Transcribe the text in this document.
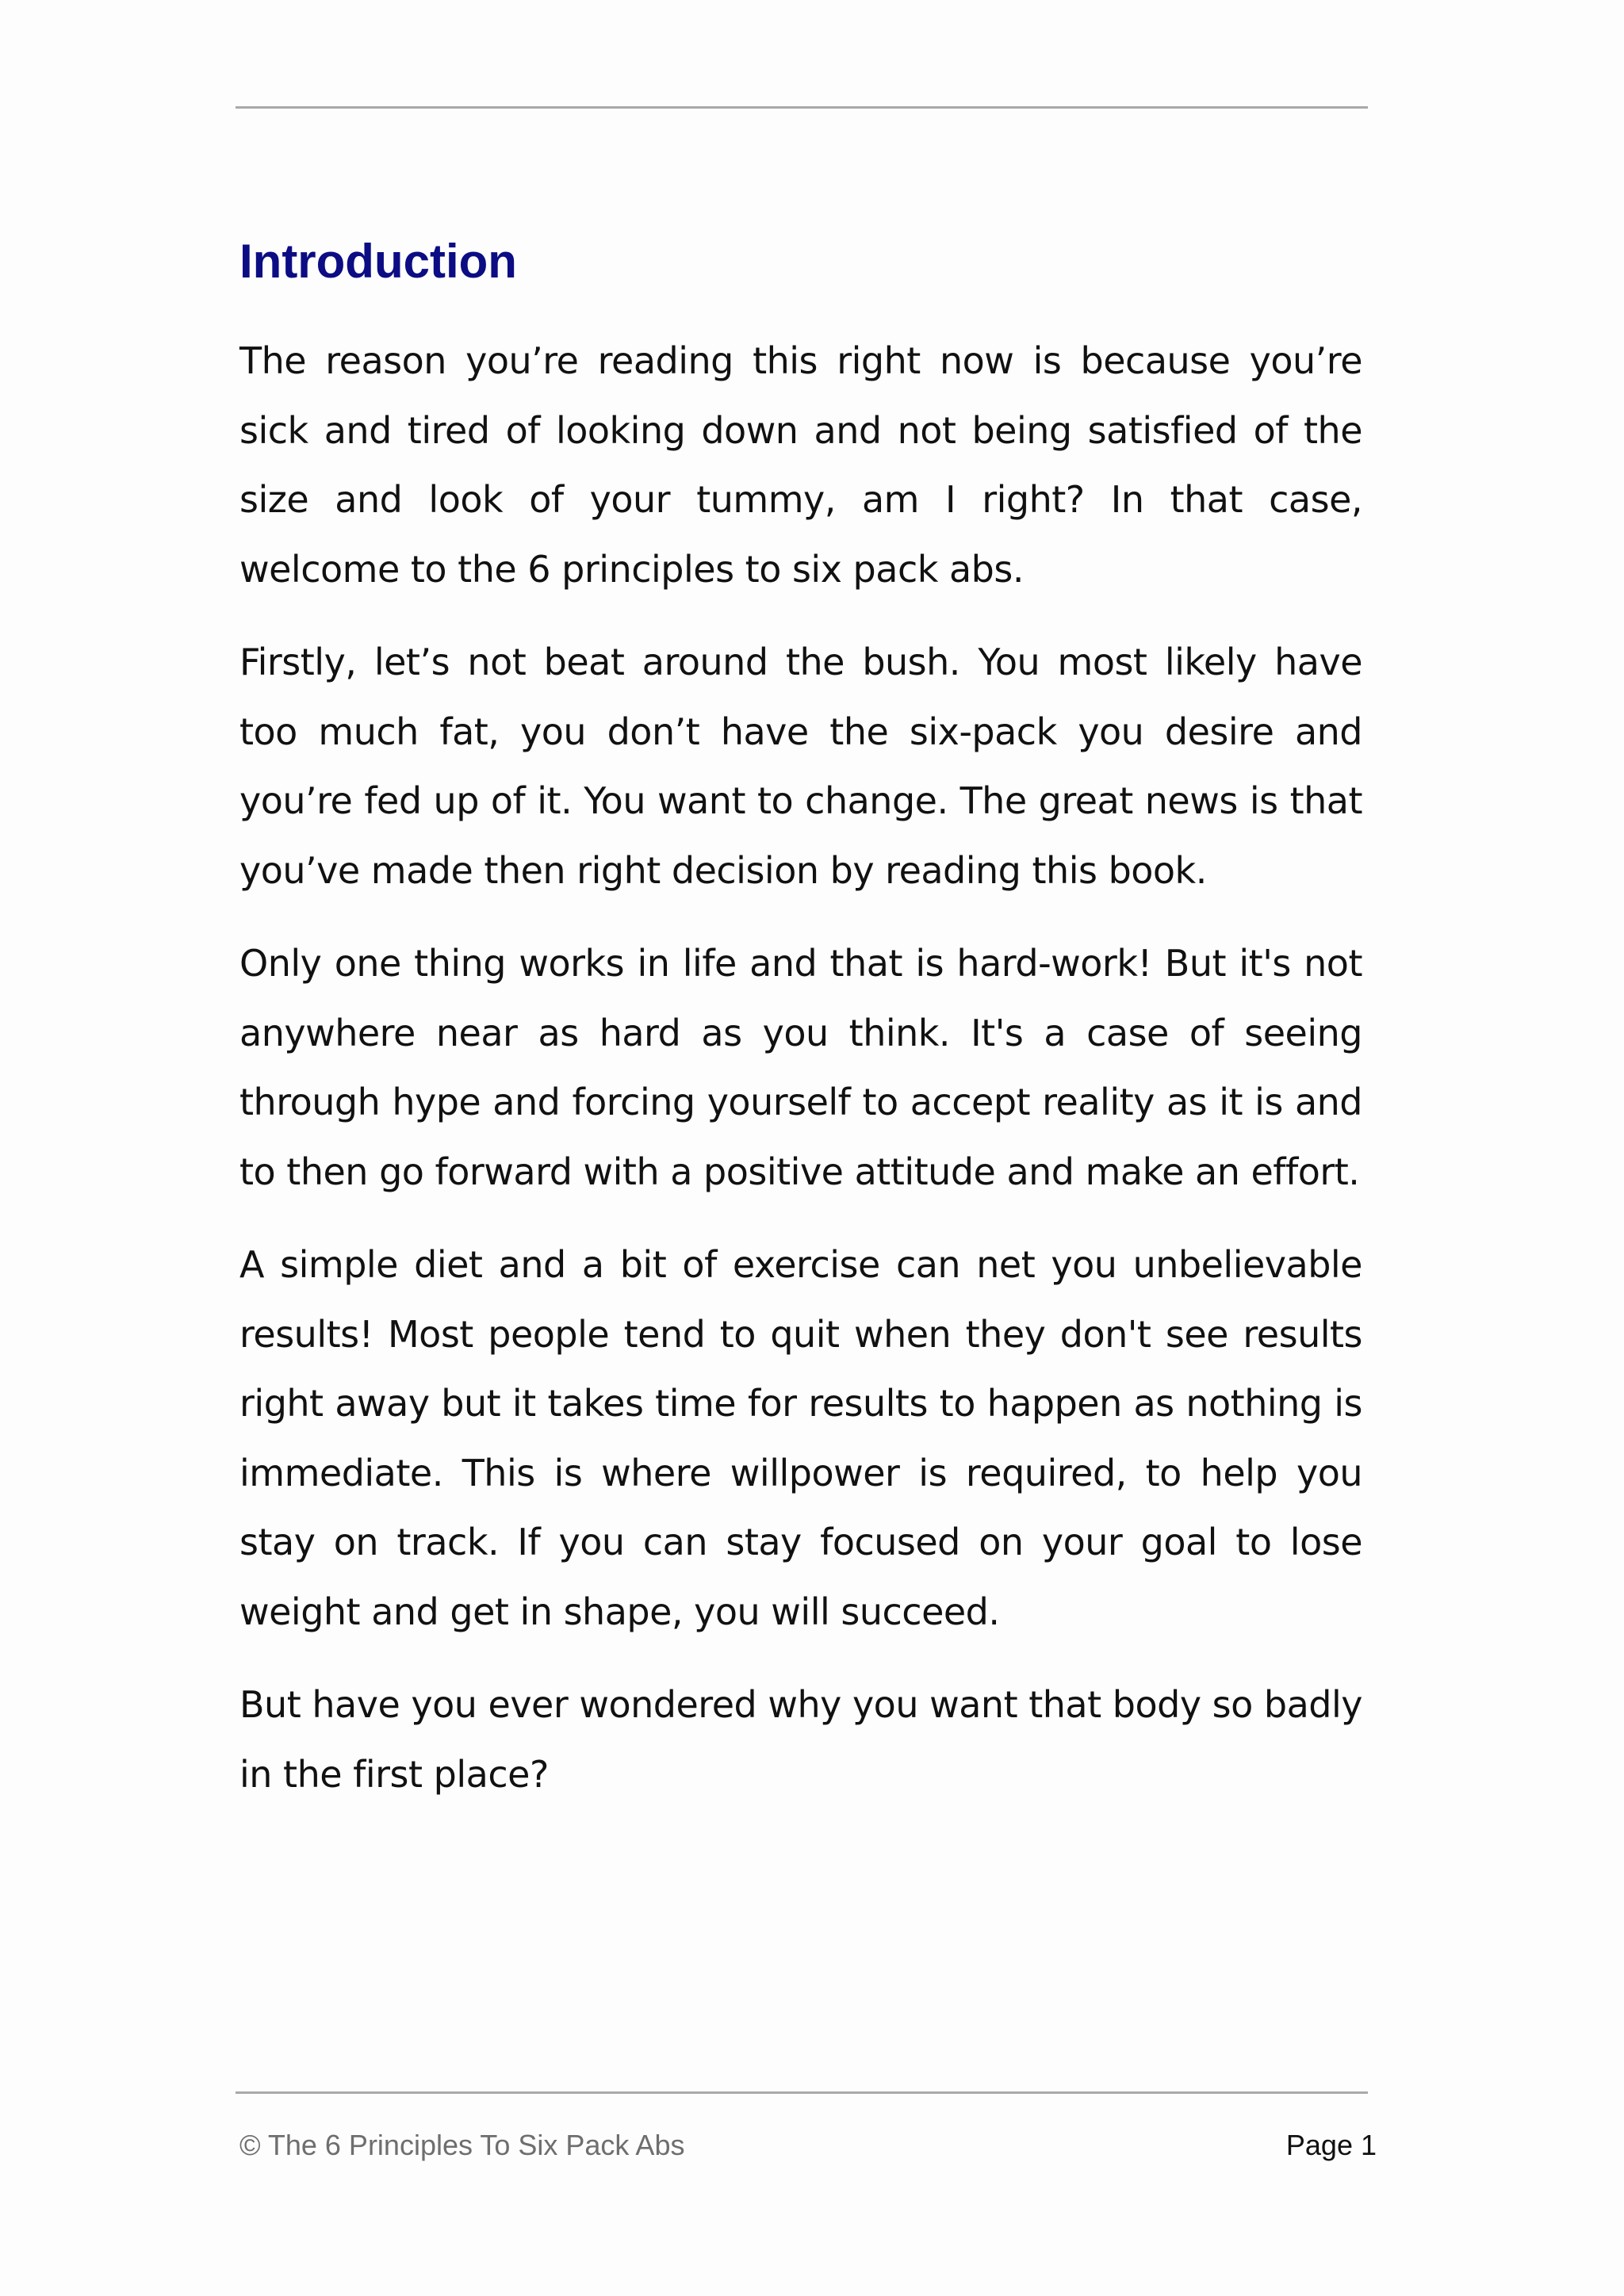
Introduction

The reason you’re reading this right now is because you’re sick and tired of looking down and not being satisfied of the size and look of your tummy, am I right? In that case, welcome to the 6 principles to six pack abs.

Firstly, let’s not beat around the bush. You most likely have too much fat, you don’t have the six-pack you desire and you’re fed up of it. You want to change. The great news is that you’ve made then right decision by reading this book.

Only one thing works in life and that is hard-work! But it's not anywhere near as hard as you think. It's a case of seeing through hype and forcing yourself to accept reality as it is and to then go forward with a positive attitude and make an effort.

A simple diet and a bit of exercise can net you unbelievable results! Most people tend to quit when they don't see results right away but it takes time for results to happen as nothing is immediate. This is where willpower is required, to help you stay on track. If you can stay focused on your goal to lose weight and get in shape, you will succeed.

But have you ever wondered why you want that body so badly in the first place?

© The 6 Principles To Six Pack Abs	Page 1
